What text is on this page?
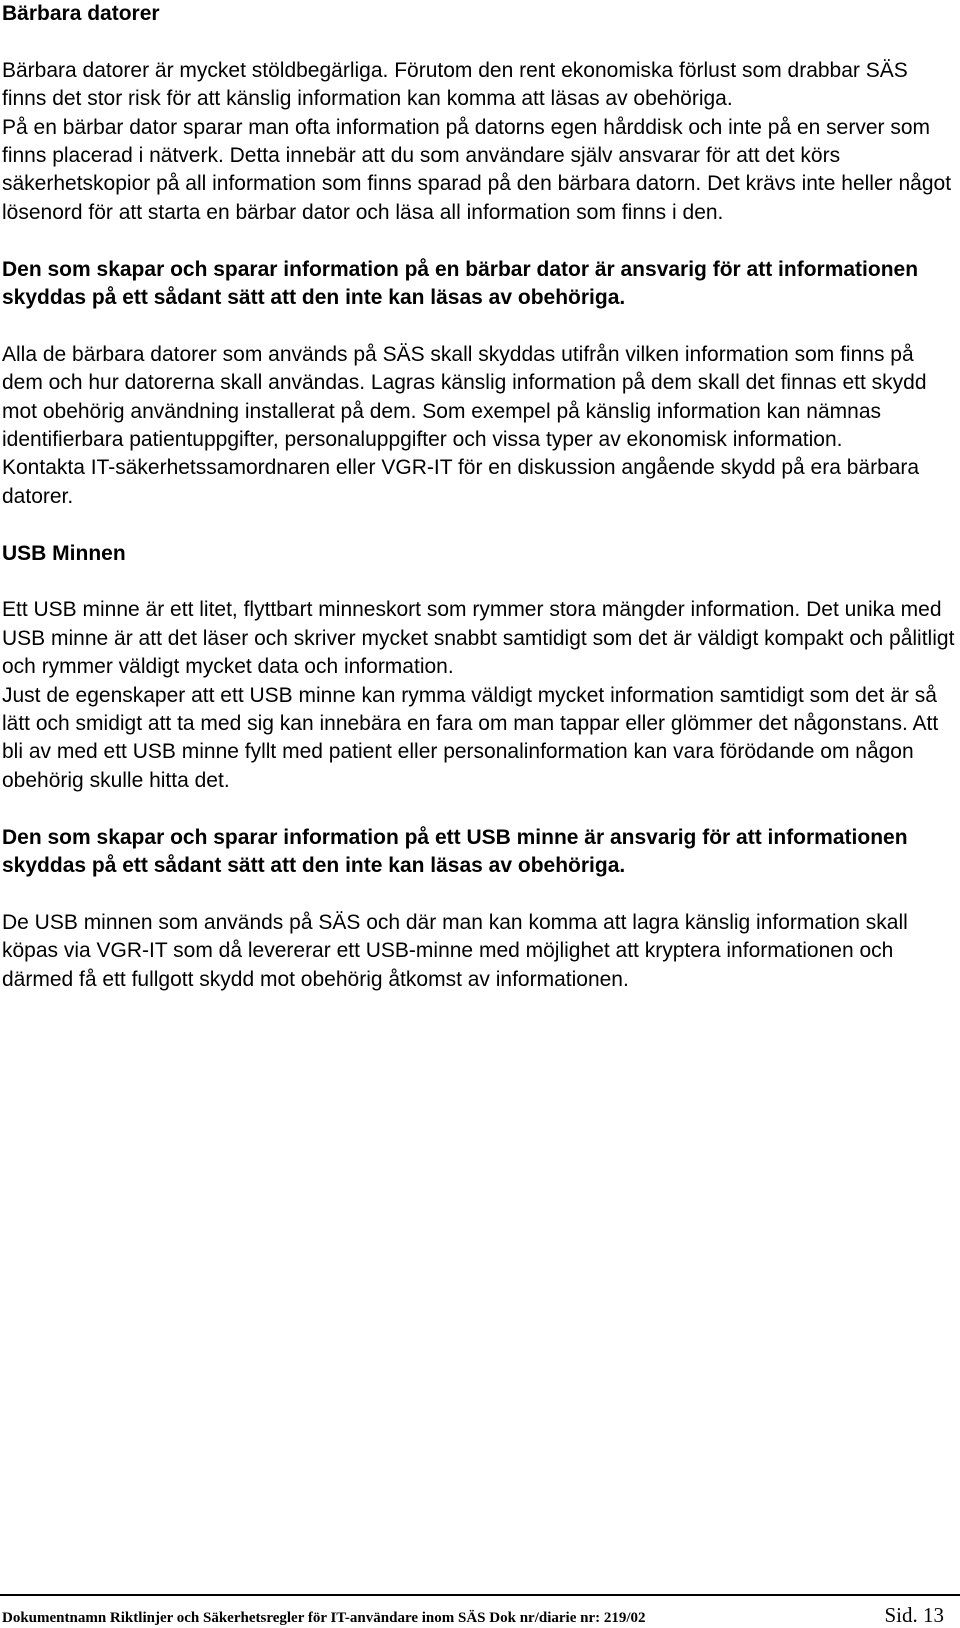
Bärbara datorer

Bärbara datorer är mycket stöldbegärliga. Förutom den rent ekonomiska förlust som drabbar SÄS finns det stor risk för att känslig information kan komma att läsas av obehöriga.

På en bärbar dator sparar man ofta information på datorns egen hårddisk och inte på en server som finns placerad i nätverk. Detta innebär att du som användare själv ansvarar för att det körs säkerhetskopior på all information som finns sparad på den bärbara datorn. Det krävs inte heller något lösenord för att starta en bärbar dator och läsa all information som finns i den.

Den som skapar och sparar information på en bärbar dator är ansvarig för att informationen skyddas på ett sådant sätt att den inte kan läsas av obehöriga.

Alla de bärbara datorer som används på SÄS skall skyddas utifrån vilken information som finns på dem och hur datorerna skall användas. Lagras känslig information på dem skall det finnas ett skydd mot obehörig användning installerat på dem. Som exempel på känslig information kan nämnas identifierbara patientuppgifter, personaluppgifter och vissa typer av ekonomisk information.

Kontakta IT-säkerhetssamordnaren eller VGR-IT för en diskussion angående skydd på era bärbara datorer.

USB Minnen

Ett USB minne är ett litet, flyttbart minneskort som rymmer stora mängder information. Det unika med USB minne är att det läser och skriver mycket snabbt samtidigt som det är väldigt kompakt och pålitligt och rymmer väldigt mycket data och information.

Just de egenskaper att ett USB minne kan rymma väldigt mycket information samtidigt som det är så lätt och smidigt att ta med sig kan innebära en fara om man tappar eller glömmer det någonstans. Att bli av med ett USB minne fyllt med patient eller personalinformation kan vara förödande om någon obehörig skulle hitta det.

Den som skapar och sparar information på ett USB minne är ansvarig för att informationen skyddas på ett sådant sätt att den inte kan läsas av obehöriga.

De USB minnen som används på SÄS och där man kan komma att lagra känslig information skall köpas via VGR-IT som då levererar ett USB-minne med möjlighet att kryptera informationen och därmed få ett fullgott skydd mot obehörig åtkomst av informationen.

Dokumentnamn Riktlinjer och Säkerhetsregler för IT-användare inom SÄS Dok nr/diarie nr: 219/02	Sid. 13
